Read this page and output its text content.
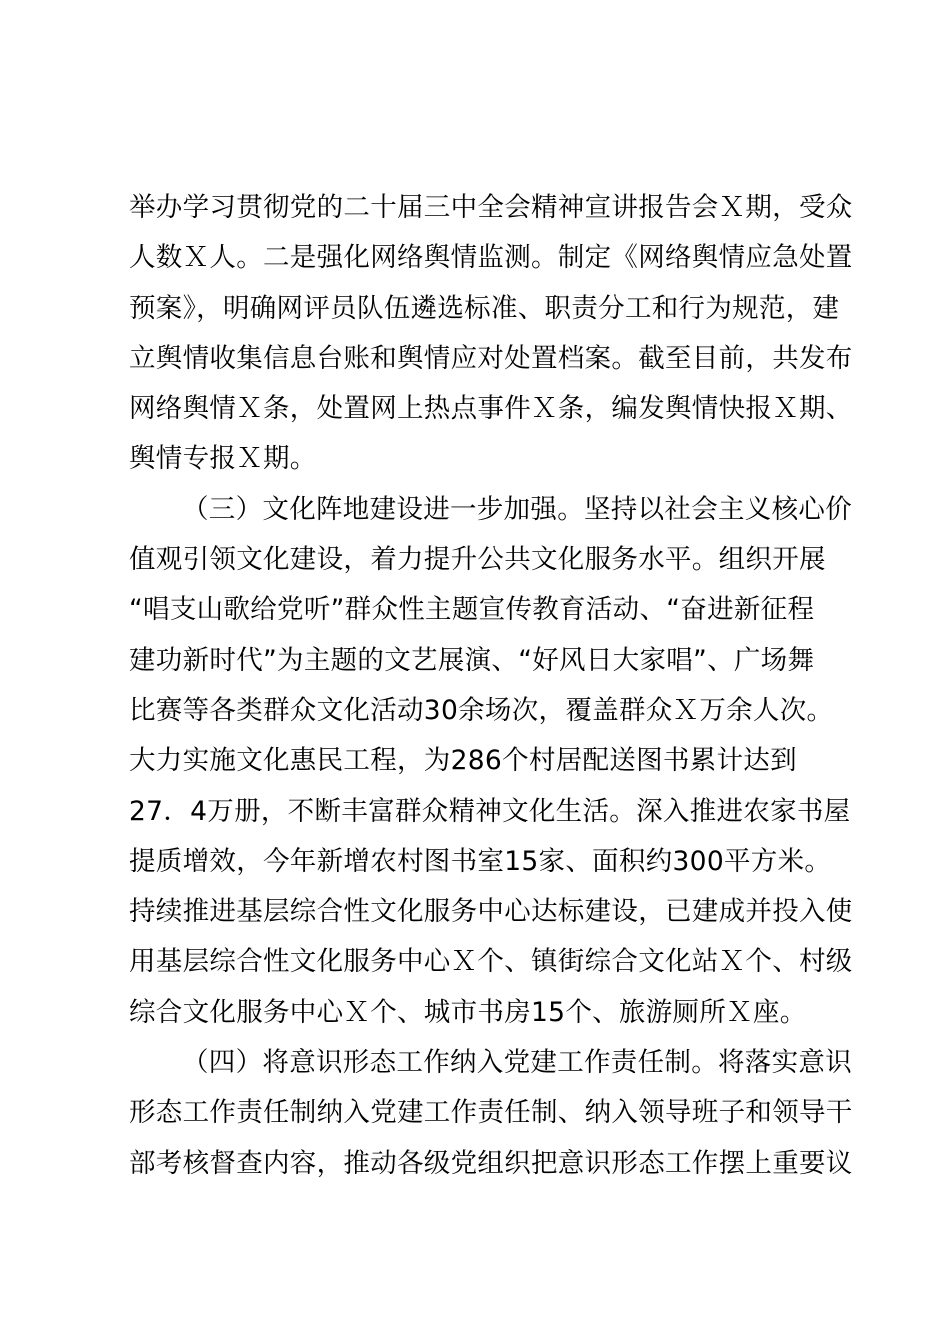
举办学习贯彻党的二十届三中全会精神宣讲报告会Ｘ期，受众
人数Ｘ人。二是强化网络舆情监测。制定《网络舆情应急处置
预案》，明确网评员队伍遴选标准、职责分工和行为规范，建
立舆情收集信息台账和舆情应对处置档案。截至目前，共发布
网络舆情Ｘ条，处置网上热点事件Ｘ条，编发舆情快报Ｘ期、
舆情专报Ｘ期。
（三）文化阵地建设进一步加强。坚持以社会主义核心价
值观引领文化建设，着力提升公共文化服务水平。组织开展
“唱支山歌给党听”群众性主题宣传教育活动、“奋进新征程
建功新时代”为主题的文艺展演、“好风日大家唱”、广场舞
比赛等各类群众文化活动30余场次，覆盖群众Ｘ万余人次。
大力实施文化惠民工程，为286个村居配送图书累计达到
27．4万册，不断丰富群众精神文化生活。深入推进农家书屋
提质增效，今年新增农村图书室15家、面积约300平方米。
持续推进基层综合性文化服务中心达标建设，已建成并投入使
用基层综合性文化服务中心Ｘ个、镇街综合文化站Ｘ个、村级
综合文化服务中心Ｘ个、城市书房15个、旅游厕所Ｘ座。
（四）将意识形态工作纳入党建工作责任制。将落实意识
形态工作责任制纳入党建工作责任制、纳入领导班子和领导干
部考核督查内容，推动各级党组织把意识形态工作摆上重要议
